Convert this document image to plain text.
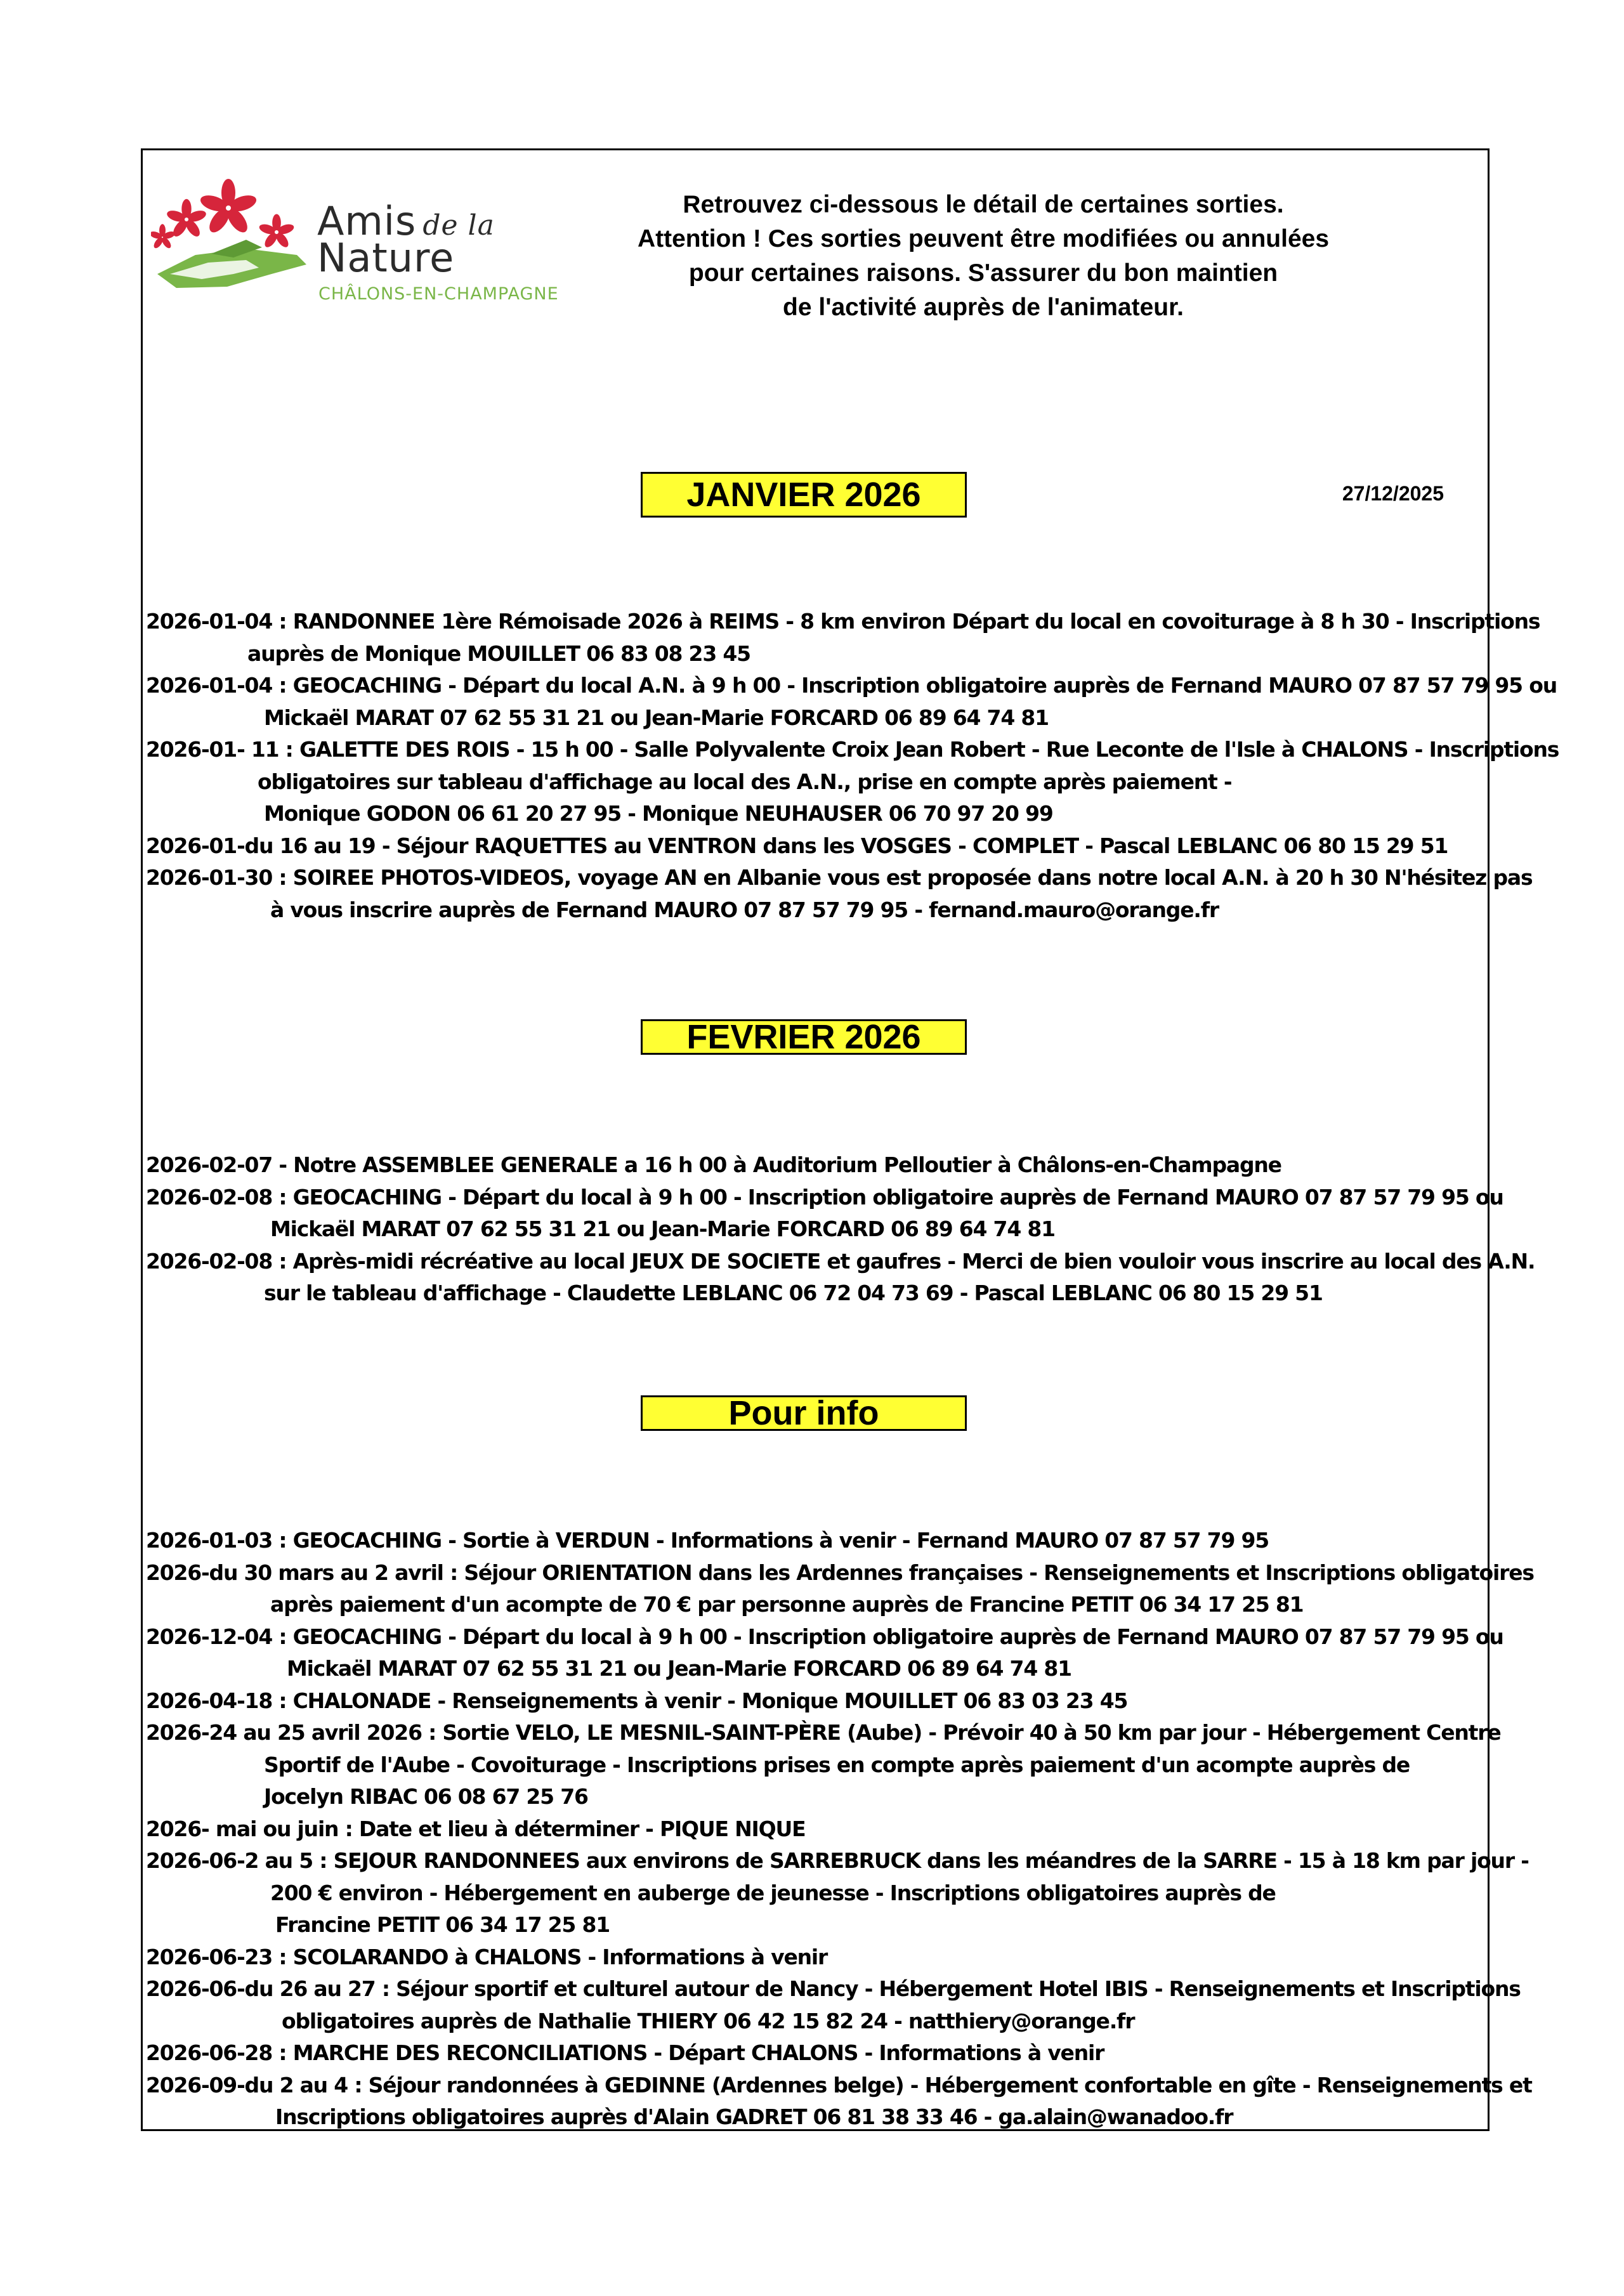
Amis de la
Nature
CHÂLONS-EN-CHAMPAGNE
Retrouvez ci-dessous le détail de certaines sorties.
Attention ! Ces sorties peuvent être modifiées ou annulées
pour certaines raisons. S'assurer du bon maintien
de l'activité auprès de l'animateur.
JANVIER 2026	27/12/2025
2026-01-04 : RANDONNEE 1ère Rémoisade 2026 à REIMS - 8 km environ Départ du local en covoiturage à 8 h 30 - Inscriptions
auprès de Monique MOUILLET 06 83 08 23 45
2026-01-04 : GEOCACHING - Départ du local A.N. à 9 h 00 - Inscription obligatoire auprès de Fernand MAURO 07 87 57 79 95 ou
Mickaël MARAT 07 62 55 31 21 ou Jean-Marie FORCARD 06 89 64 74 81
2026-01- 11 : GALETTE DES ROIS - 15 h 00 - Salle Polyvalente Croix Jean Robert - Rue Leconte de l'Isle à CHALONS - Inscriptions
obligatoires sur tableau d'affichage au local des A.N., prise en compte après paiement -
Monique GODON 06 61 20 27 95 - Monique NEUHAUSER 06 70 97 20 99
2026-01-du 16 au 19 - Séjour RAQUETTES au VENTRON dans les VOSGES - COMPLET - Pascal LEBLANC 06 80 15 29 51
2026-01-30 : SOIREE PHOTOS-VIDEOS, voyage AN en Albanie vous est proposée dans notre local A.N. à 20 h 30 N'hésitez pas
à vous inscrire auprès de Fernand MAURO 07 87 57 79 95 - fernand.mauro@orange.fr
FEVRIER 2026
2026-02-07 - Notre ASSEMBLEE GENERALE a 16 h 00 à Auditorium Pelloutier à Châlons-en-Champagne
2026-02-08 : GEOCACHING - Départ du local à 9 h 00 - Inscription obligatoire auprès de Fernand MAURO 07 87 57 79 95 ou
Mickaël MARAT 07 62 55 31 21 ou Jean-Marie FORCARD 06 89 64 74 81
2026-02-08 : Après-midi récréative au local JEUX DE SOCIETE et gaufres - Merci de bien vouloir vous inscrire au local des A.N.
sur le tableau d'affichage - Claudette LEBLANC 06 72 04 73 69 - Pascal LEBLANC 06 80 15 29 51
Pour info
2026-01-03 : GEOCACHING - Sortie à VERDUN - Informations à venir - Fernand MAURO 07 87 57 79 95
2026-du 30 mars au 2 avril : Séjour ORIENTATION dans les Ardennes françaises - Renseignements et Inscriptions obligatoires
après paiement d'un acompte de 70 € par personne auprès de Francine PETIT 06 34 17 25 81
2026-12-04 : GEOCACHING - Départ du local à 9 h 00 - Inscription obligatoire auprès de Fernand MAURO 07 87 57 79 95 ou
Mickaël MARAT 07 62 55 31 21 ou Jean-Marie FORCARD 06 89 64 74 81
2026-04-18 : CHALONADE - Renseignements à venir - Monique MOUILLET 06 83 03 23 45
2026-24 au 25 avril 2026 : Sortie VELO, LE MESNIL-SAINT-PÈRE (Aube) - Prévoir 40 à 50 km par jour - Hébergement Centre
Sportif de l'Aube - Covoiturage - Inscriptions prises en compte après paiement d'un acompte auprès de
Jocelyn RIBAC 06 08 67 25 76
2026- mai ou juin : Date et lieu à déterminer - PIQUE NIQUE
2026-06-2 au 5 : SEJOUR RANDONNEES aux environs de SARREBRUCK dans les méandres de la SARRE - 15 à 18 km par jour -
200 € environ - Hébergement en auberge de jeunesse - Inscriptions obligatoires auprès de
Francine PETIT 06 34 17 25 81
2026-06-23 : SCOLARANDO à CHALONS - Informations à venir
2026-06-du 26 au 27 : Séjour sportif et culturel autour de Nancy - Hébergement Hotel IBIS - Renseignements et Inscriptions
obligatoires auprès de Nathalie THIERY 06 42 15 82 24 - natthiery@orange.fr
2026-06-28 : MARCHE DES RECONCILIATIONS - Départ CHALONS - Informations à venir
2026-09-du 2 au 4 : Séjour randonnées à GEDINNE (Ardennes belge) - Hébergement confortable en gîte - Renseignements et
Inscriptions obligatoires auprès d'Alain GADRET 06 81 38 33 46 - ga.alain@wanadoo.fr
